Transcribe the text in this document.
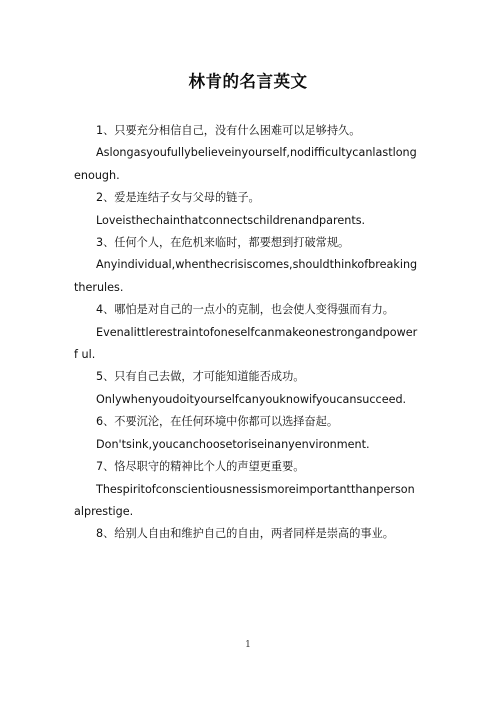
林肯的名言英文

1、只要充分相信自己，没有什么困难可以足够持久。

Aslongasyoufullybelieveinyourself,nodifficultycanlastlong enough.

2、爱是连结子女与父母的链子。

Loveisthechainthatconnectschildrenandparents.

3、任何个人，在危机来临时，都要想到打破常规。

Anyindividual,whenthecrisiscomes,shouldthinkofbreaking therules.

4、哪怕是对自己的一点小的克制，也会使人变得强而有力。

Evenalittlerestraintofoneselfcanmakeonestrongandpowerf ul.

5、只有自己去做，才可能知道能否成功。

Onlywhenyoudoityourselfcanyouknowifyoucansucceed.

6、不要沉沦，在任何环境中你都可以选择奋起。

Don'tsink,youcanchoosetoriseinanyenvironment.

7、恪尽职守的精神比个人的声望更重要。

Thespiritofconscientiousnessismoreimportantthanperson alprestige.

8、给别人自由和维护自己的自由，两者同样是崇高的事业。

1
